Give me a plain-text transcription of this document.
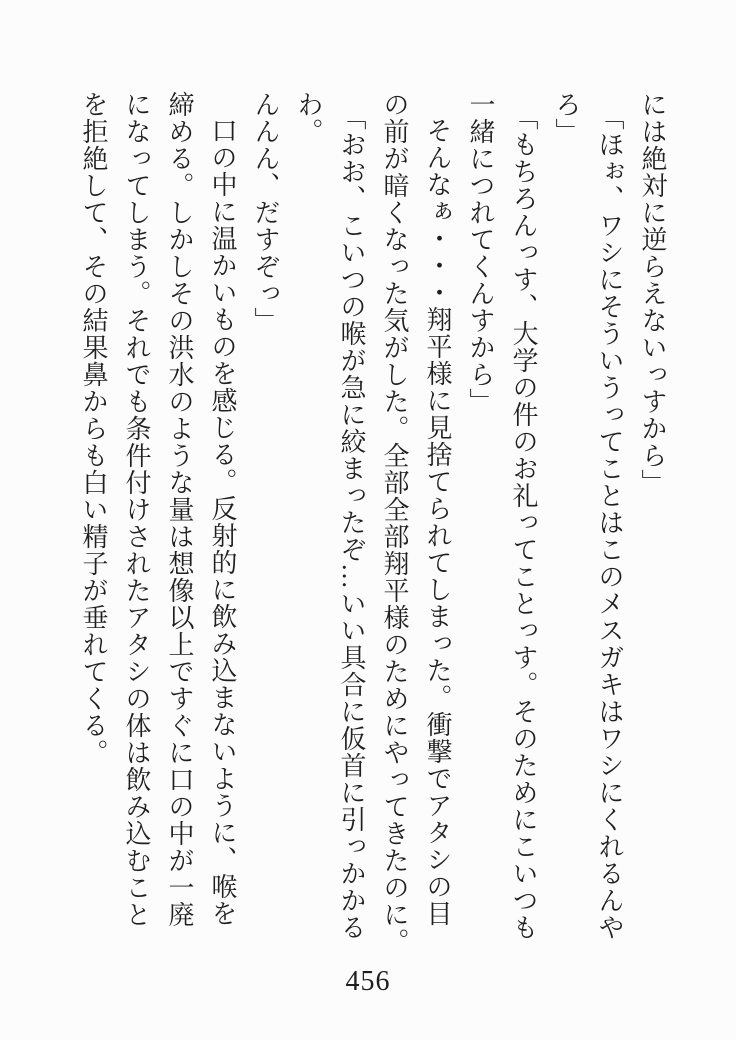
には絶対に逆らえないっすから」
「ほぉ、ワシにそういうってことはこのメスガキはワシにくれるんや
ろ」
「もちろんっす、大学の件のお礼ってことっす。そのためにこいつも
一緒につれてくんすから」
そんなぁ・・・翔平様に見捨てられてしまった。衝撃でアタシの目
の前が暗くなった気がした。全部全部翔平様のためにやってきたのに。
「おお、こいつの喉が急に絞まったぞ…いい具合に仮首に引っかかる
わ。
んんん、だすぞっ」
口の中に温かいものを感じる。反射的に飲み込まないように、喉を
締める。しかしその洪水のような量は想像以上ですぐに口の中が一廃
になってしまう。それでも条件付けされたアタシの体は飲み込むこと
を拒絶して、その結果鼻からも白い精子が垂れてくる。
456
